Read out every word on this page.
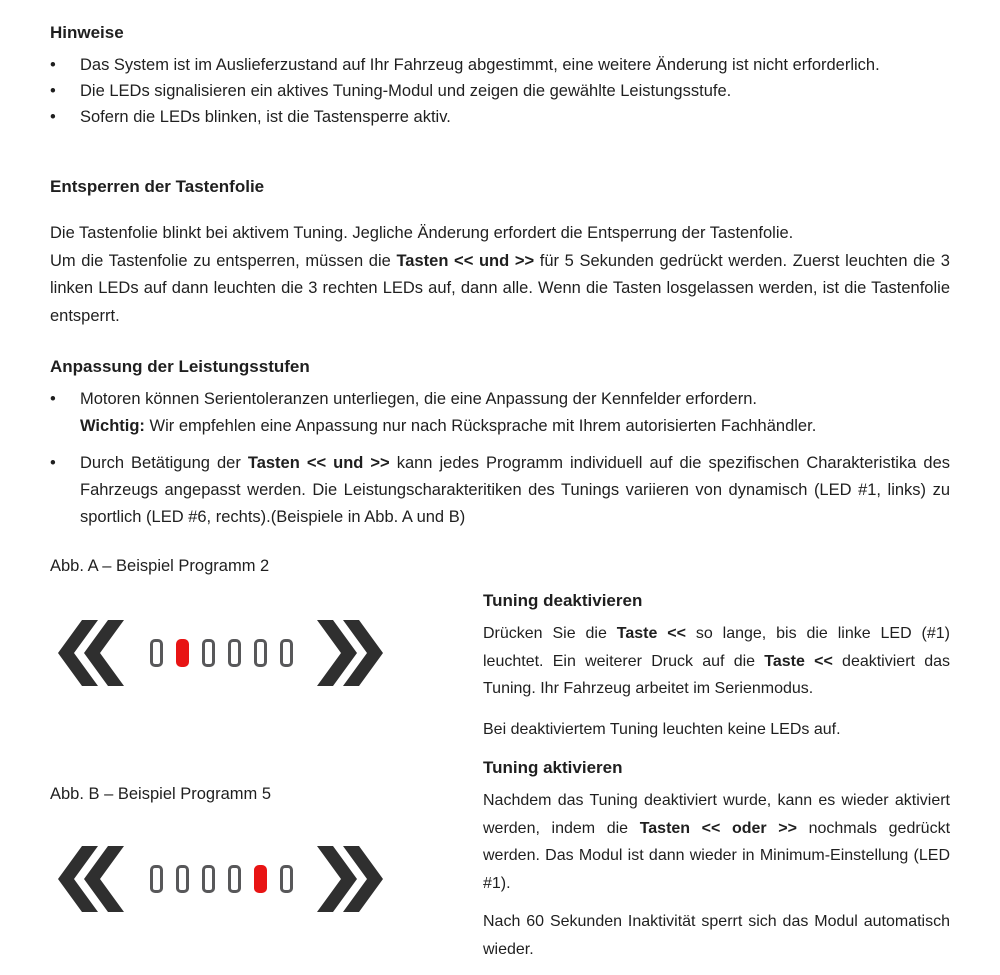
Hinweise
•	Das System ist im Auslieferzustand auf Ihr Fahrzeug abgestimmt, eine weitere Änderung ist nicht erforderlich.
•	Die LEDs signalisieren ein aktives Tuning-Modul und zeigen die gewählte Leistungsstufe.
•	Sofern die LEDs blinken, ist die Tastensperre aktiv.
Entsperren der Tastenfolie
Die Tastenfolie blinkt bei aktivem Tuning. Jegliche Änderung erfordert die Entsperrung der Tastenfolie.
Um die Tastenfolie zu entsperren, müssen die Tasten << und >> für 5 Sekunden gedrückt werden. Zuerst leuchten die 3 linken LEDs auf dann leuchten die 3 rechten LEDs auf, dann alle. Wenn die Tasten losgelassen werden, ist die Tastenfolie entsperrt.
Anpassung der Leistungsstufen
•	Motoren können Serientoleranzen unterliegen, die eine Anpassung der Kennfelder erfordern.
Wichtig: Wir empfehlen eine Anpassung nur nach Rücksprache mit Ihrem autorisierten Fachhändler.
•	Durch Betätigung der Tasten << und >> kann jedes Programm individuell auf die spezifischen Charakteristika des Fahrzeugs angepasst werden. Die Leistungscharakteritiken des Tunings variieren von dynamisch (LED #1, links) zu sportlich (LED #6, rechts).(Beispiele in Abb. A und B)
Abb. A – Beispiel Programm 2
Abb. B – Beispiel Programm 5
Tuning deaktivieren

Drücken Sie die Taste << so lange, bis die linke LED (#1) leuchtet. Ein weiterer Druck auf die Taste << deaktiviert das Tuning. Ihr Fahrzeug arbeitet im Serienmodus.

Bei deaktiviertem Tuning leuchten keine LEDs auf.

Tuning aktivieren

Nachdem das Tuning deaktiviert wurde, kann es wieder aktiviert werden, indem die Tasten << oder >> nochmals gedrückt werden. Das Modul ist dann wieder in Minimum-Einstellung (LED #1).

Nach 60 Sekunden Inaktivität sperrt sich das Modul automatisch wieder.
